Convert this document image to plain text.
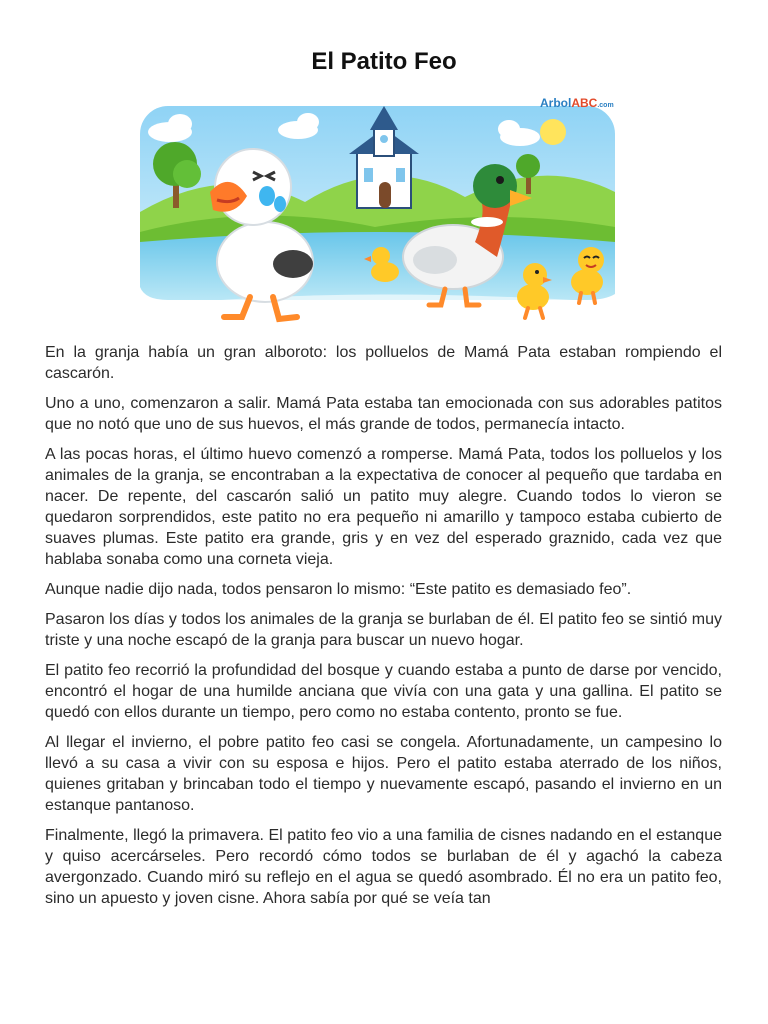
El Patito Feo
ArbolABC.com

En la granja había un gran alboroto: los polluelos de Mamá Pata estaban rompiendo el cascarón.

Uno a uno, comenzaron a salir. Mamá Pata estaba tan emocionada con sus adorables patitos que no notó que uno de sus huevos, el más grande de todos, permanecía intacto.

A las pocas horas, el último huevo comenzó a romperse. Mamá Pata, todos los polluelos y los animales de la granja, se encontraban a la expectativa de conocer al pequeño que tardaba en nacer. De repente, del cascarón salió un patito muy alegre. Cuando todos lo vieron se quedaron sorprendidos, este patito no era pequeño ni amarillo y tampoco estaba cubierto de suaves plumas. Este patito era grande, gris y en vez del esperado graznido, cada vez que hablaba sonaba como una corneta vieja.

Aunque nadie dijo nada, todos pensaron lo mismo: “Este patito es demasiado feo”.

Pasaron los días y todos los animales de la granja se burlaban de él. El patito feo se sintió muy triste y una noche escapó de la granja para buscar un nuevo hogar.

El patito feo recorrió la profundidad del bosque y cuando estaba a punto de darse por vencido, encontró el hogar de una humilde anciana que vivía con una gata y una gallina. El patito se quedó con ellos durante un tiempo, pero como no estaba contento, pronto se fue.

Al llegar el invierno, el pobre patito feo casi se congela. Afortunadamente, un campesino lo llevó a su casa a vivir con su esposa e hijos. Pero el patito estaba aterrado de los niños, quienes gritaban y brincaban todo el tiempo y nuevamente escapó, pasando el invierno en un estanque pantanoso.

Finalmente, llegó la primavera. El patito feo vio a una familia de cisnes nadando en el estanque y quiso acercárseles. Pero recordó cómo todos se burlaban de él y agachó la cabeza avergonzado. Cuando miró su reflejo en el agua se quedó asombrado. Él no era un patito feo, sino un apuesto y joven cisne. Ahora sabía por qué se veía tan
